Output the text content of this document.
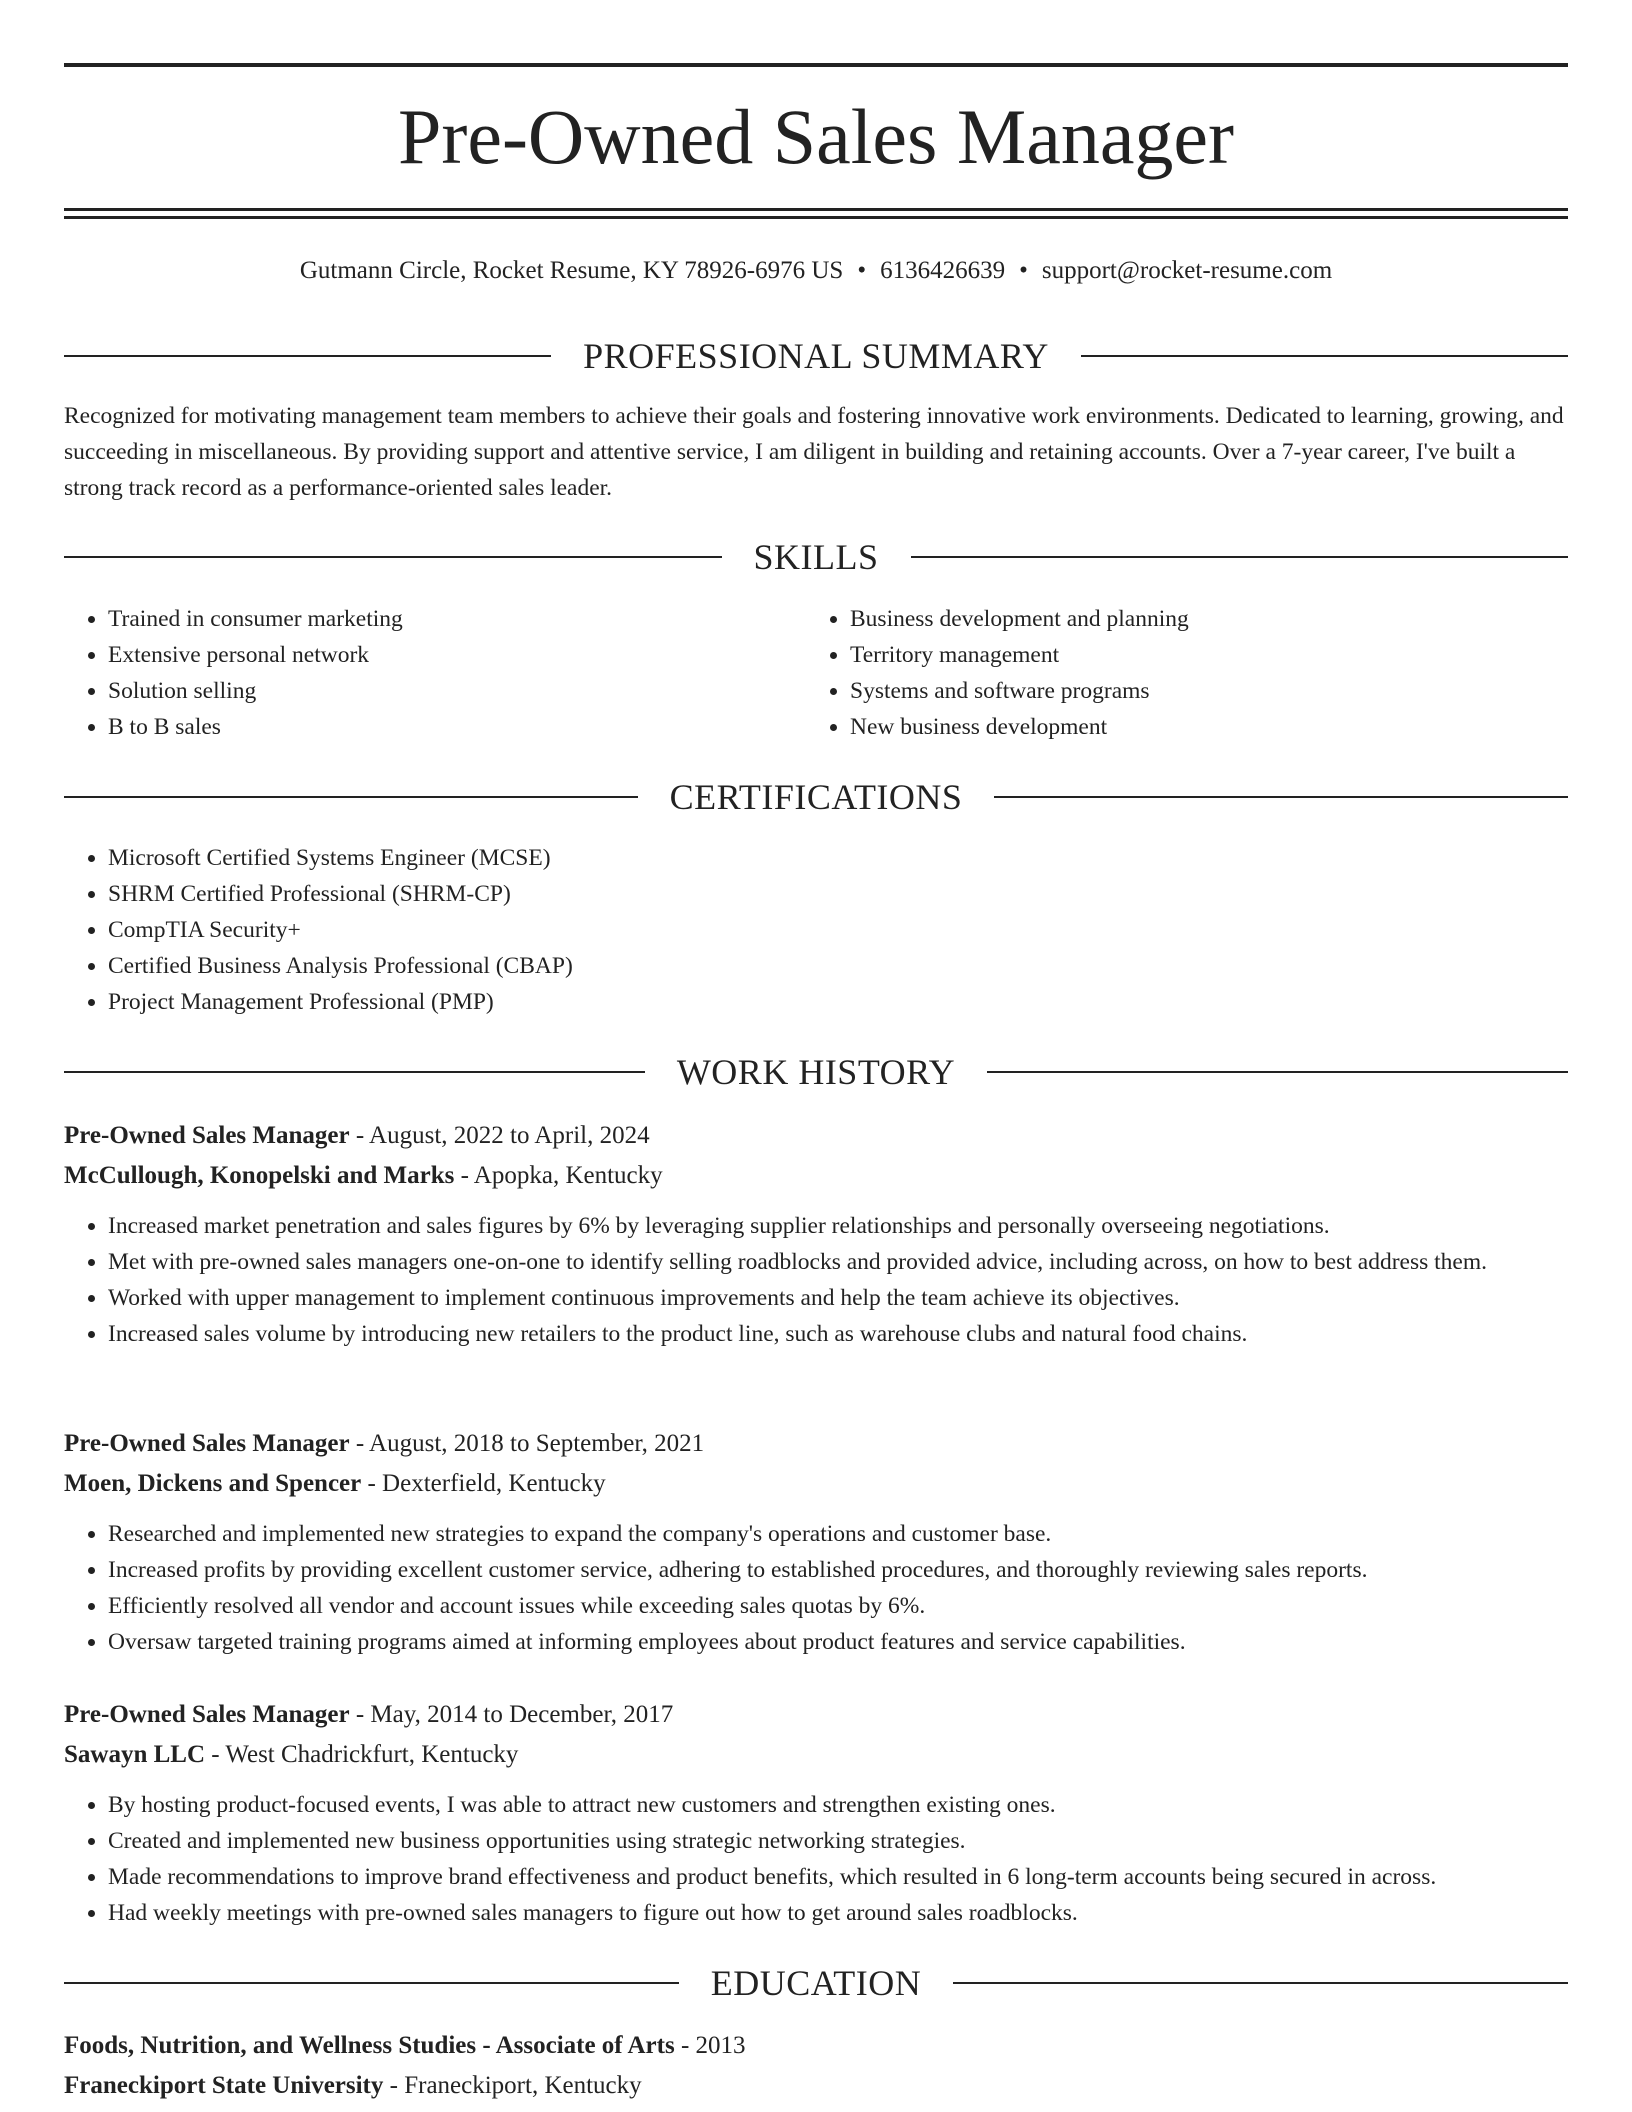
Pre-Owned Sales Manager
Gutmann Circle, Rocket Resume, KY 78926-6976 US • 6136426639 • support@rocket-resume.com
PROFESSIONAL SUMMARY

Recognized for motivating management team members to achieve their goals and fostering innovative work environments. Dedicated to learning, growing, and succeeding in miscellaneous. By providing support and attentive service, I am diligent in building and retaining accounts. Over a 7-year career, I've built a strong track record as a performance-oriented sales leader.

SKILLS
• Trained in consumer marketing
• Extensive personal network
• Solution selling
• B to B sales
• Business development and planning
• Territory management
• Systems and software programs
• New business development
CERTIFICATIONS
• Microsoft Certified Systems Engineer (MCSE)
• SHRM Certified Professional (SHRM-CP)
• CompTIA Security+
• Certified Business Analysis Professional (CBAP)
• Project Management Professional (PMP)
WORK HISTORY
Pre-Owned Sales Manager - August, 2022 to April, 2024
McCullough, Konopelski and Marks - Apopka, Kentucky
• Increased market penetration and sales figures by 6% by leveraging supplier relationships and personally overseeing negotiations.
• Met with pre-owned sales managers one-on-one to identify selling roadblocks and provided advice, including across, on how to best address them.
• Worked with upper management to implement continuous improvements and help the team achieve its objectives.
• Increased sales volume by introducing new retailers to the product line, such as warehouse clubs and natural food chains.
Pre-Owned Sales Manager - August, 2018 to September, 2021
Moen, Dickens and Spencer - Dexterfield, Kentucky
• Researched and implemented new strategies to expand the company's operations and customer base.
• Increased profits by providing excellent customer service, adhering to established procedures, and thoroughly reviewing sales reports.
• Efficiently resolved all vendor and account issues while exceeding sales quotas by 6%.
• Oversaw targeted training programs aimed at informing employees about product features and service capabilities.
Pre-Owned Sales Manager - May, 2014 to December, 2017
Sawayn LLC - West Chadrickfurt, Kentucky
• By hosting product-focused events, I was able to attract new customers and strengthen existing ones.
• Created and implemented new business opportunities using strategic networking strategies.
• Made recommendations to improve brand effectiveness and product benefits, which resulted in 6 long-term accounts being secured in across.
• Had weekly meetings with pre-owned sales managers to figure out how to get around sales roadblocks.
EDUCATION
Foods, Nutrition, and Wellness Studies - Associate of Arts - 2013
Franeckiport State University - Franeckiport, Kentucky
